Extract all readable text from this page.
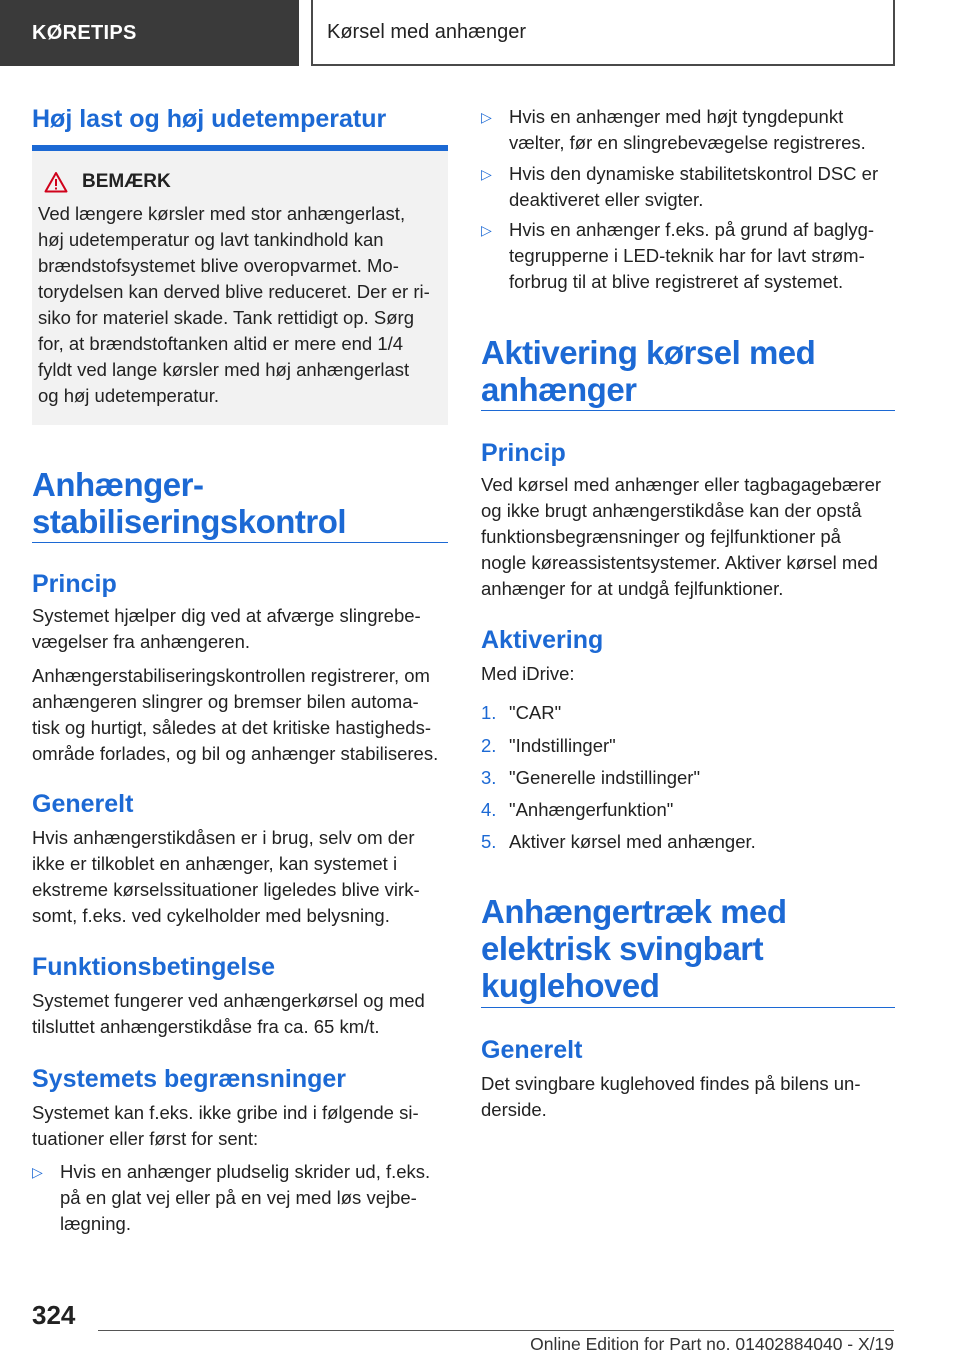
KØRETIPS	Kørsel med anhænger
Høj last og høj udetemperatur
BEMÆRK
Ved længere kørsler med stor anhængerlast,
høj udetemperatur og lavt tankindhold kan
brændstofsystemet blive overopvarmet. Mo-
torydelsen kan derved blive reduceret. Der er ri-
siko for materiel skade. Tank rettidigt op. Sørg
for, at brændstoftanken altid er mere end 1/4
fyldt ved lange kørsler med høj anhængerlast
og høj udetemperatur.
Anhænger-
stabiliseringskontrol
Princip
Systemet hjælper dig ved at afværge slingrebe-
vægelser fra anhængeren.
Anhængerstabiliseringskontrollen registrerer, om
anhængeren slingrer og bremser bilen automa-
tisk og hurtigt, således at det kritiske hastigheds-
område forlades, og bil og anhænger stabiliseres.
Generelt
Hvis anhængerstikdåsen er i brug, selv om der
ikke er tilkoblet en anhænger, kan systemet i
ekstreme kørselssituationer ligeledes blive virk-
somt, f.eks. ved cykelholder med belysning.
Funktionsbetingelse
Systemet fungerer ved anhængerkørsel og med
tilsluttet anhængerstikdåse fra ca. 65 km/t.
Systemets begrænsninger
Systemet kan f.eks. ikke gribe ind i følgende si-
tuationer eller først for sent:
▷ Hvis en anhænger pludselig skrider ud, f.eks.
på en glat vej eller på en vej med løs vejbe-
lægning.
▷ Hvis en anhænger med højt tyngdepunkt
vælter, før en slingrebevægelse registreres.
▷ Hvis den dynamiske stabilitetskontrol DSC er
deaktiveret eller svigter.
▷ Hvis en anhænger f.eks. på grund af baglyg-
tegrupperne i LED-teknik har for lavt strøm-
forbrug til at blive registreret af systemet.
Aktivering kørsel med
anhænger
Princip
Ved kørsel med anhænger eller tagbagagebærer
og ikke brugt anhængerstikdåse kan der opstå
funktionsbegrænsninger og fejlfunktioner på
nogle køreassistentsystemer. Aktiver kørsel med
anhænger for at undgå fejlfunktioner.
Aktivering
Med iDrive:
1. "CAR"
2. "Indstillinger"
3. "Generelle indstillinger"
4. "Anhængerfunktion"
5. Aktiver kørsel med anhænger.
Anhængertræk med
elektrisk svingbart
kuglehoved
Generelt
Det svingbare kuglehoved findes på bilens un-
derside.
324
Online Edition for Part no. 01402884040 - X/19
